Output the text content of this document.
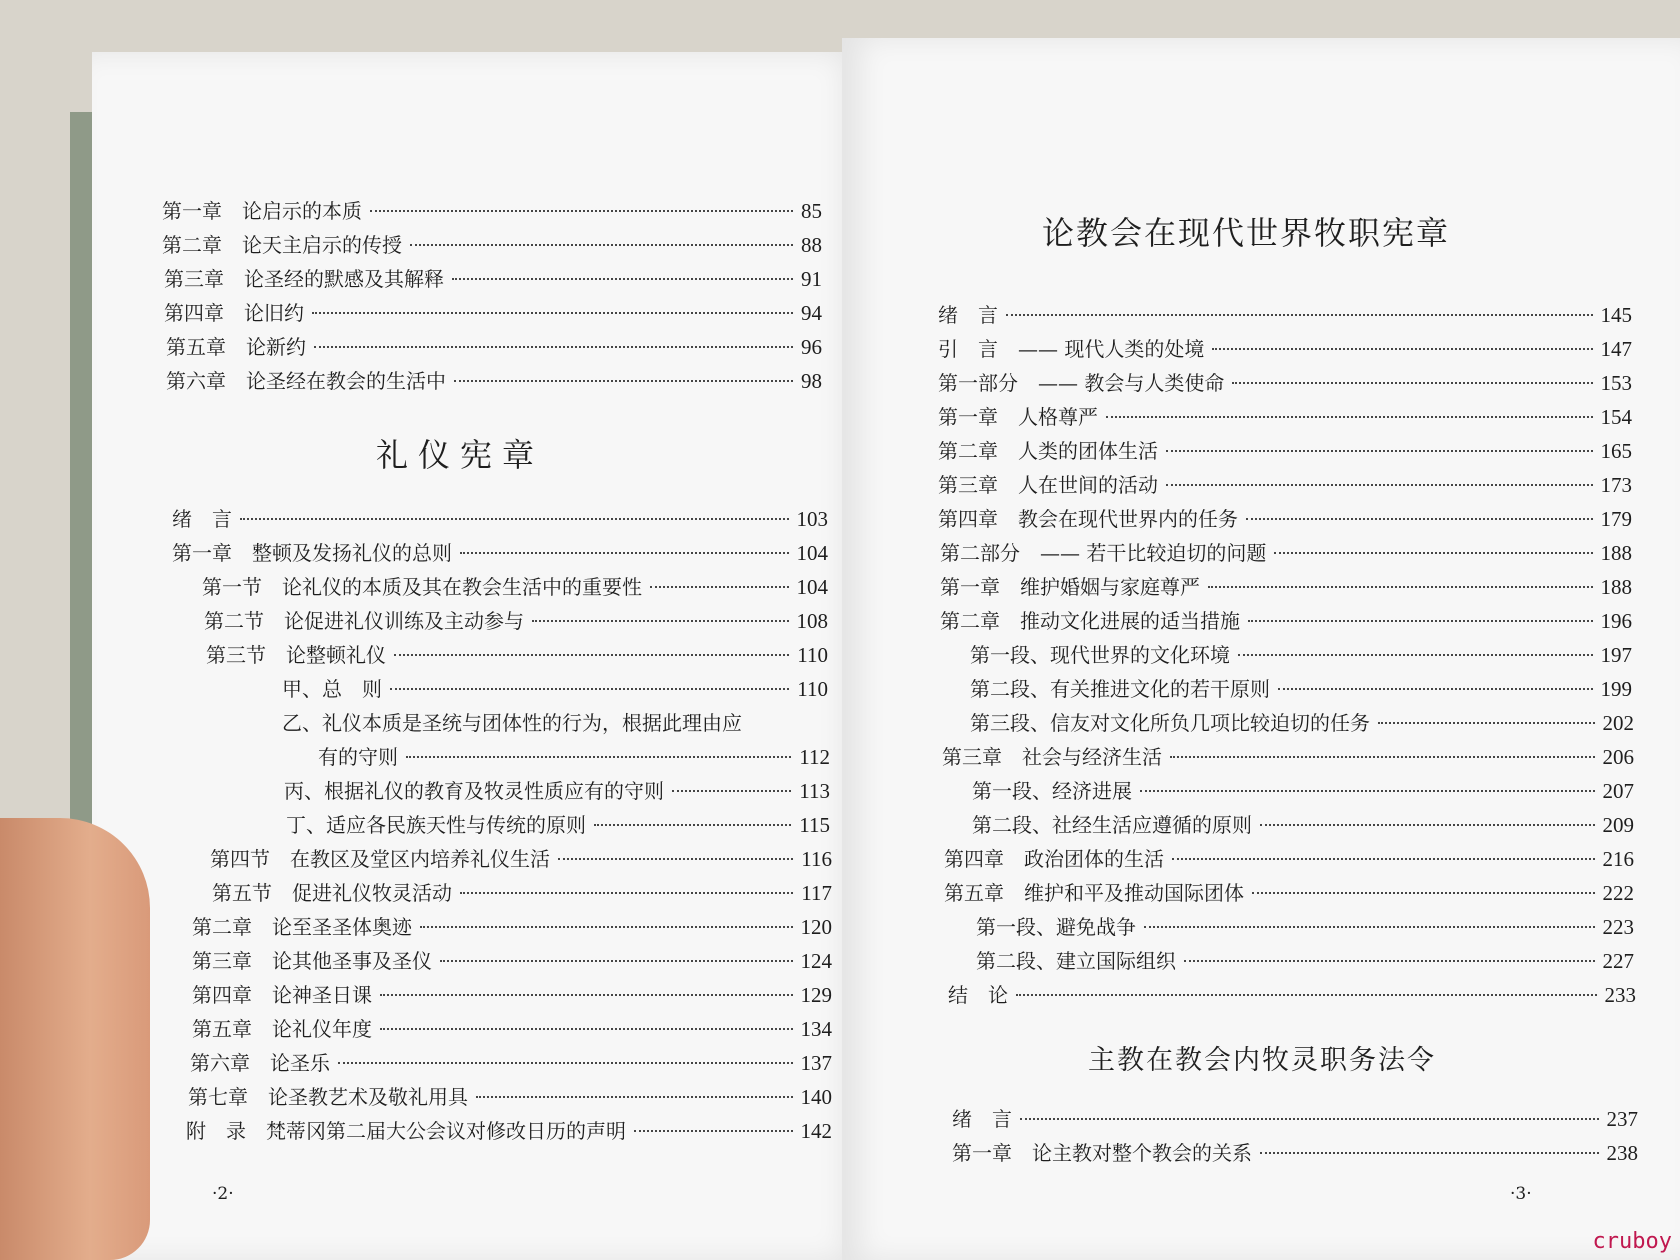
第一章	论启示的本质	85
第二章	论天主启示的传授	88
第三章	论圣经的默感及其解释	91
第四章	论旧约	94
第五章	论新约	96
第六章	论圣经在教会的生活中	98
礼仪宪章
绪　言	103
第一章	整顿及发扬礼仪的总则	104
第一节	论礼仪的本质及其在教会生活中的重要性	104
第二节	论促进礼仪训练及主动参与	108
第三节	论整顿礼仪	110
甲、总　则	110
乙、礼仪本质是圣统与团体性的行为，根据此理由应
有的守则	112
丙、根据礼仪的教育及牧灵性质应有的守则	113
丁、适应各民族天性与传统的原则	115
第四节	在教区及堂区内培养礼仪生活	116
第五节	促进礼仪牧灵活动	117
第二章	论至圣圣体奥迹	120
第三章	论其他圣事及圣仪	124
第四章	论神圣日课	129
第五章	论礼仪年度	134
第六章	论圣乐	137
第七章	论圣教艺术及敬礼用具	140
附　录	梵蒂冈第二届大公会议对修改日历的声明	142
·2·
论教会在现代世界牧职宪章
绪　言	145
引　言	—— 现代人类的处境	147
第一部分	—— 教会与人类使命	153
第一章	人格尊严	154
第二章	人类的团体生活	165
第三章	人在世间的活动	173
第四章	教会在现代世界内的任务	179
第二部分	—— 若干比较迫切的问题	188
第一章	维护婚姻与家庭尊严	188
第二章	推动文化进展的适当措施	196
第一段、现代世界的文化环境	197
第二段、有关推进文化的若干原则	199
第三段、信友对文化所负几项比较迫切的任务	202
第三章	社会与经济生活	206
第一段、经济进展	207
第二段、社经生活应遵循的原则	209
第四章	政治团体的生活	216
第五章	维护和平及推动国际团体	222
第一段、避免战争	223
第二段、建立国际组织	227
结　论	233
主教在教会内牧灵职务法令
绪　言	237
第一章	论主教对整个教会的关系	238
·3·
cruboy
